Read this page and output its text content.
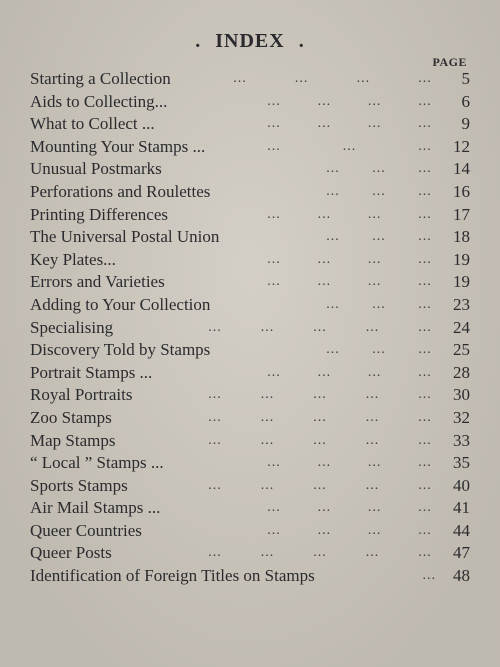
. INDEX .
PAGE
Starting a Collection	...	...	...	...	5
Aids to Collecting...	...	...	...	...	6
What to Collect ...	...	...	...	...	9
Mounting Your Stamps ...	...	...	...	12
Unusual Postmarks	...	...	...	14
Perforations and Roulettes	...	...	...	16
Printing Differences	...	...	...	...	17
The Universal Postal Union	...	...	...	18
Key Plates...	...	...	...	...	19
Errors and Varieties	...	...	...	...	19
Adding to Your Collection	...	...	...	23
Specialising	...	...	...	...	...	24
Discovery Told by Stamps	...	...	...	25
Portrait Stamps ...	...	...	...	...	28
Royal Portraits	...	...	...	...	...	30
Zoo Stamps	...	...	...	...	...	32
Map Stamps	...	...	...	...	...	33
“ Local ” Stamps ...	...	...	...	...	35
Sports Stamps	...	...	...	...	...	40
Air Mail Stamps ...	...	...	...	...	41
Queer Countries	...	...	...	...	44
Queer Posts	...	...	...	...	...	47
Identification of Foreign Titles on Stamps	...	48
